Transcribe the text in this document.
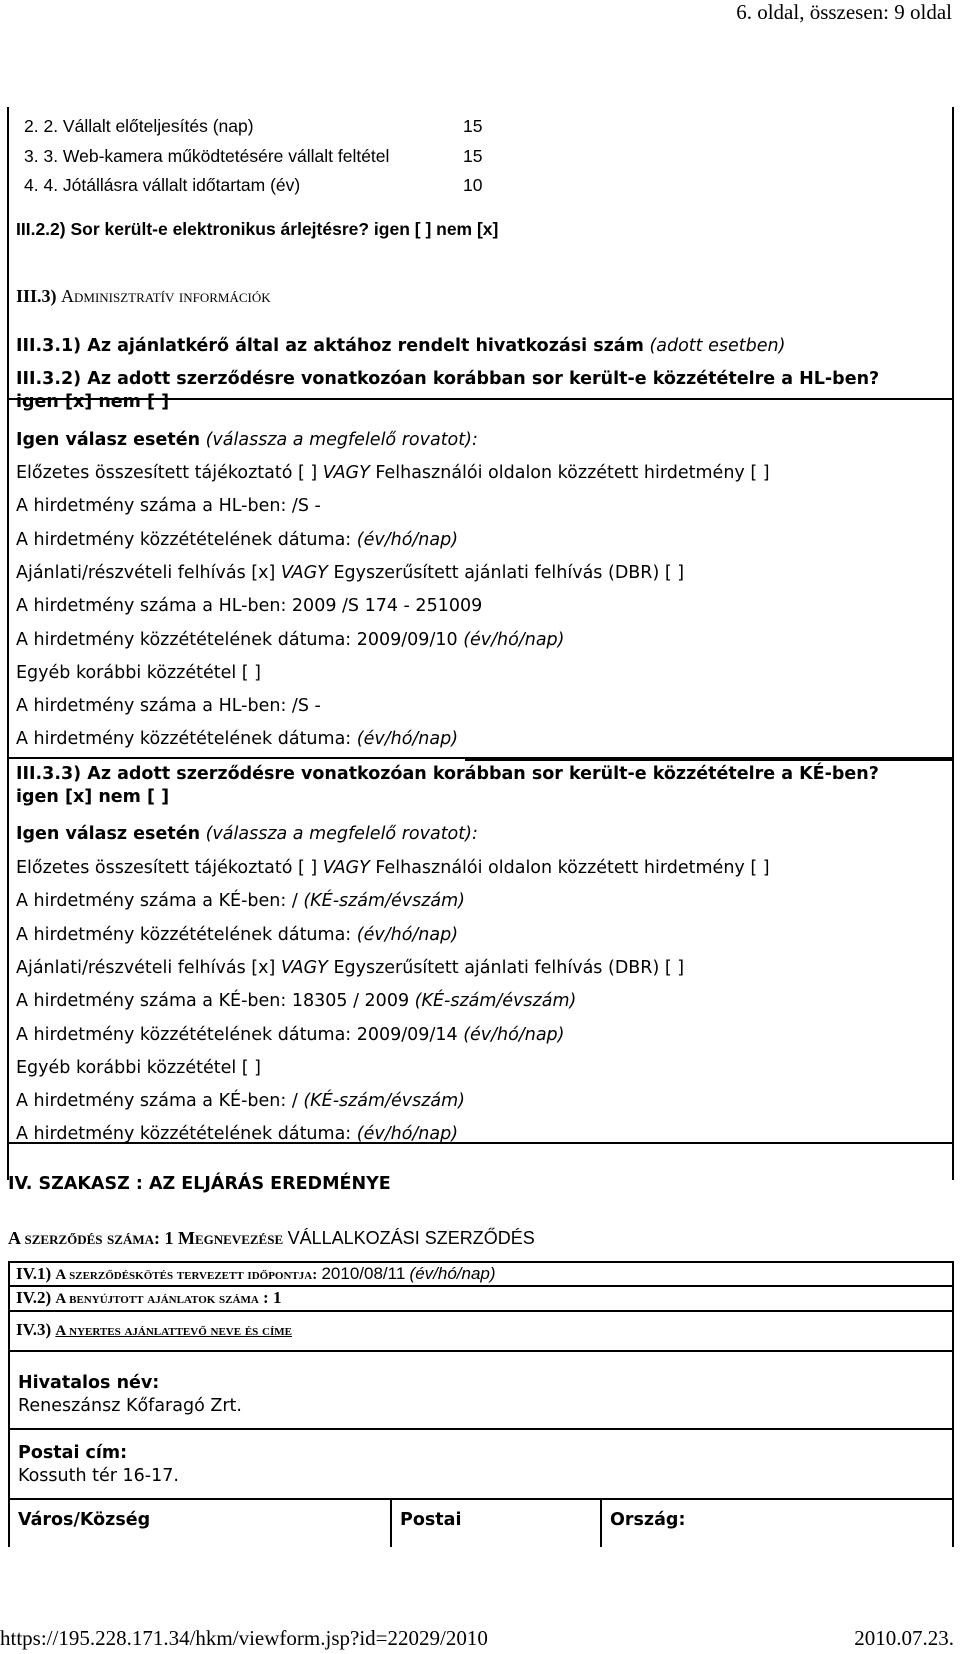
6. oldal, összesen: 9 oldal
2. 2. Vállalt előteljesítés (nap)	15
3. 3. Web-kamera működtetésére vállalt feltétel	15
4. 4. Jótállásra vállalt időtartam (év)	10
III.2.2) Sor került-e elektronikus árlejtésre? igen [ ] nem [x]
III.3) Adminisztratív információk
III.3.1) Az ajánlatkérő által az aktához rendelt hivatkozási szám (adott esetben)
III.3.2) Az adott szerződésre vonatkozóan korábban sor került-e közzétételre a HL-ben?
igen [x] nem [ ]
Igen válasz esetén (válassza a megfelelő rovatot):
Előzetes összesített tájékoztató [ ] VAGY Felhasználói oldalon közzétett hirdetmény [ ]
A hirdetmény száma a HL-ben: /S -
A hirdetmény közzétételének dátuma: (év/hó/nap)
Ajánlati/részvételi felhívás [x] VAGY Egyszerűsített ajánlati felhívás (DBR) [ ]
A hirdetmény száma a HL-ben: 2009 /S 174 - 251009
A hirdetmény közzétételének dátuma: 2009/09/10 (év/hó/nap)
Egyéb korábbi közzététel [ ]
A hirdetmény száma a HL-ben: /S -
A hirdetmény közzétételének dátuma: (év/hó/nap)
III.3.3) Az adott szerződésre vonatkozóan korábban sor került-e közzétételre a KÉ-ben?
igen [x] nem [ ]
Igen válasz esetén (válassza a megfelelő rovatot):
Előzetes összesített tájékoztató [ ] VAGY Felhasználói oldalon közzétett hirdetmény [ ]
A hirdetmény száma a KÉ-ben: / (KÉ-szám/évszám)
A hirdetmény közzétételének dátuma: (év/hó/nap)
Ajánlati/részvételi felhívás [x] VAGY Egyszerűsített ajánlati felhívás (DBR) [ ]
A hirdetmény száma a KÉ-ben: 18305 / 2009 (KÉ-szám/évszám)
A hirdetmény közzétételének dátuma: 2009/09/14 (év/hó/nap)
Egyéb korábbi közzététel [ ]
A hirdetmény száma a KÉ-ben: / (KÉ-szám/évszám)
A hirdetmény közzétételének dátuma: (év/hó/nap)
IV. SZAKASZ : AZ ELJÁRÁS EREDMÉNYE
A szerződés száma: 1 Megnevezése VÁLLALKOZÁSI SZERZŐDÉS
IV.1) A szerződéskötés tervezett időpontja: 2010/08/11 (év/hó/nap)
IV.2) A benyújtott ajánlatok száma : 1
IV.3) A nyertes ajánlattevő neve és címe
Hivatalos név:
Reneszánsz Kőfaragó Zrt.
Postai cím:
Kossuth tér 16-17.
Város/Község	Postai	Ország:
https://195.228.171.34/hkm/viewform.jsp?id=22029/2010	2010.07.23.
